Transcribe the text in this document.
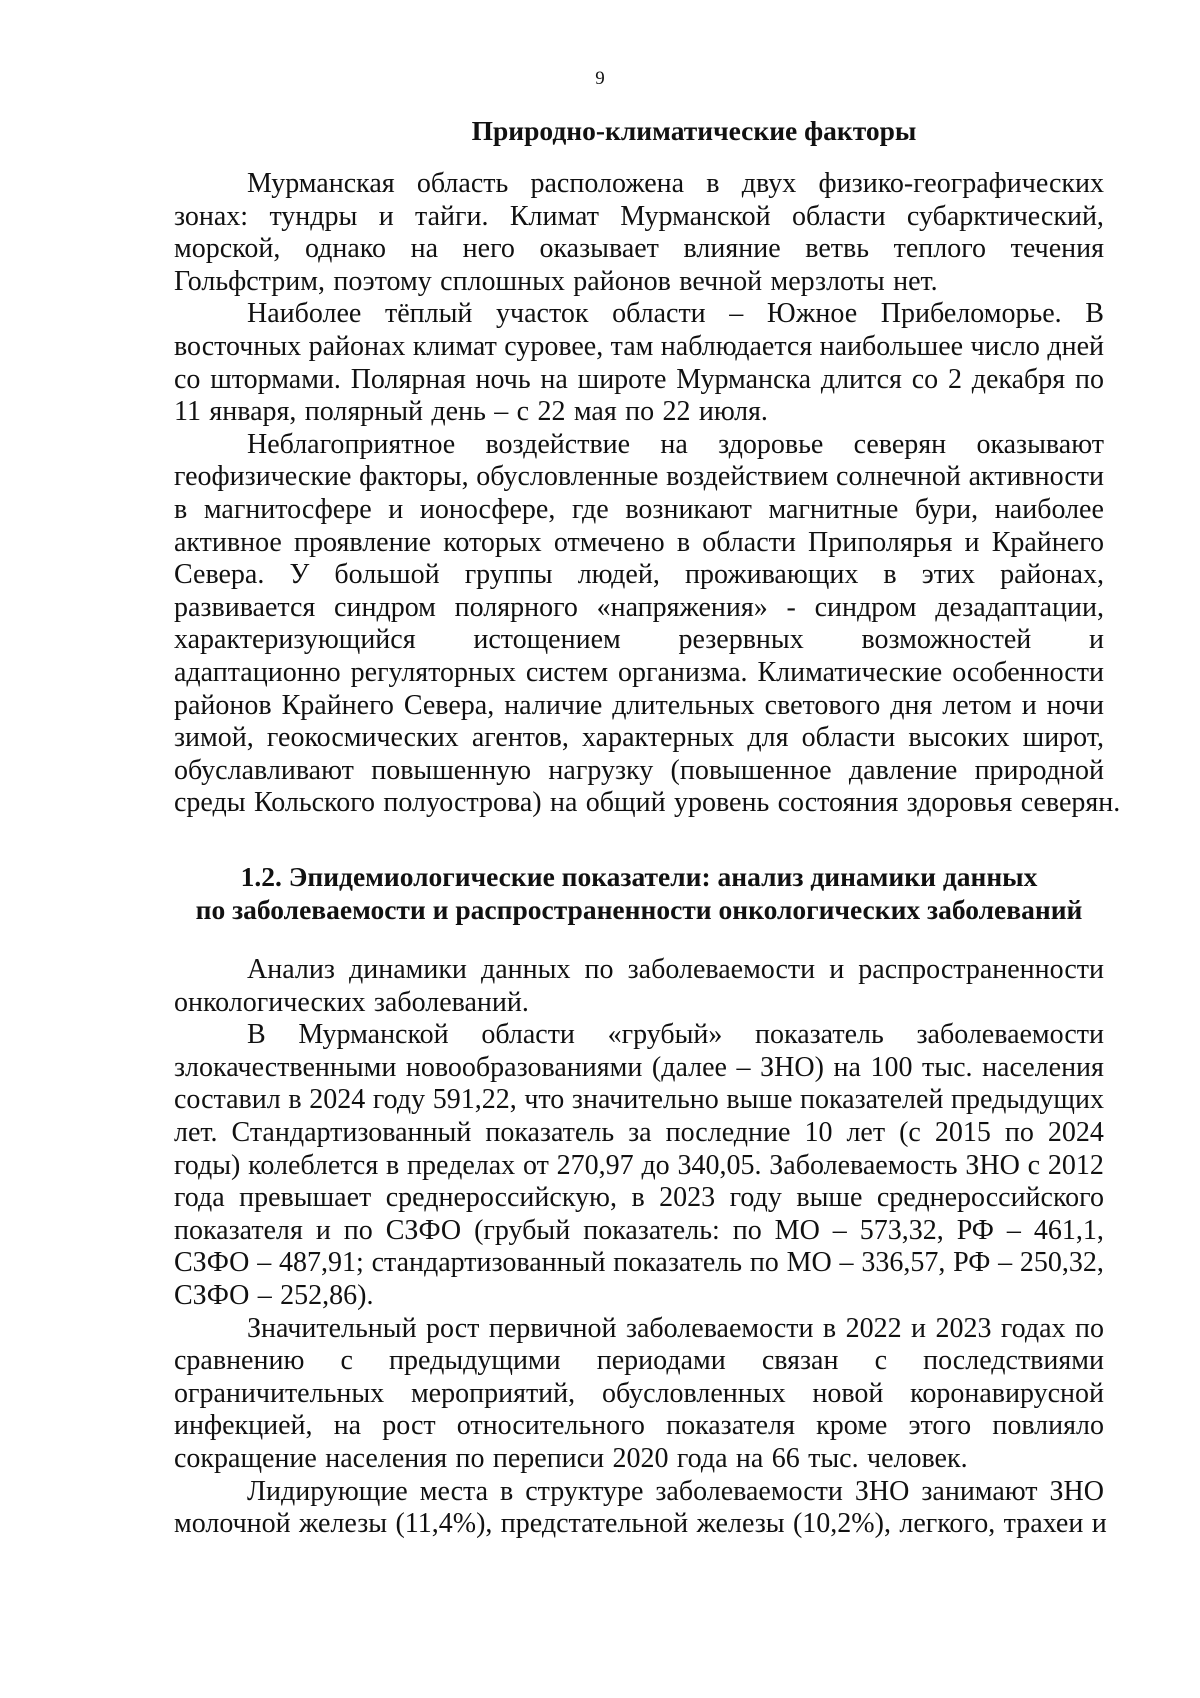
9
Природно-климатические факторы
Мурманская область расположена в двух физико-географических
зонах: тундры и тайги. Климат Мурманской области субарктический,
морской, однако на него оказывает влияние ветвь теплого течения
Гольфстрим, поэтому сплошных районов вечной мерзлоты нет.
Наиболее тёплый участок области – Южное Прибеломорье. В
восточных районах климат суровее, там наблюдается наибольшее число дней
со штормами. Полярная ночь на широте Мурманска длится со 2 декабря по
11 января, полярный день – с 22 мая по 22 июля.
Неблагоприятное воздействие на здоровье северян оказывают
геофизические факторы, обусловленные воздействием солнечной активности
в магнитосфере и ионосфере, где возникают магнитные бури, наиболее
активное проявление которых отмечено в области Приполярья и Крайнего
Севера. У большой группы людей, проживающих в этих районах,
развивается синдром полярного «напряжения» - синдром дезадаптации,
характеризующийся истощением резервных возможностей и
адаптационно регуляторных систем организма. Климатические особенности
районов Крайнего Севера, наличие длительных светового дня летом и ночи
зимой, геокосмических агентов, характерных для области высоких широт,
обуславливают повышенную нагрузку (повышенное давление природной
среды Кольского полуострова) на общий уровень состояния здоровья северян.
1.2. Эпидемиологические показатели: анализ динамики данных
по заболеваемости и распространенности онкологических заболеваний
Анализ динамики данных по заболеваемости и распространенности
онкологических заболеваний.
В Мурманской области «грубый» показатель заболеваемости
злокачественными новообразованиями (далее – ЗНО) на 100 тыс. населения
составил в 2024 году 591,22, что значительно выше показателей предыдущих
лет. Стандартизованный показатель за последние 10 лет (с 2015 по 2024
годы) колеблется в пределах от 270,97 до 340,05. Заболеваемость ЗНО с 2012
года превышает среднероссийскую, в 2023 году выше среднероссийского
показателя и по СЗФО (грубый показатель: по МО – 573,32, РФ – 461,1,
СЗФО – 487,91; стандартизованный показатель по МО – 336,57, РФ – 250,32,
СЗФО – 252,86).
Значительный рост первичной заболеваемости в 2022 и 2023 годах по
сравнению с предыдущими периодами связан с последствиями
ограничительных мероприятий, обусловленных новой коронавирусной
инфекцией, на рост относительного показателя кроме этого повлияло
сокращение населения по переписи 2020 года на 66 тыс. человек.
Лидирующие места в структуре заболеваемости ЗНО занимают ЗНО
молочной железы (11,4%), предстательной железы (10,2%), легкого, трахеи и
